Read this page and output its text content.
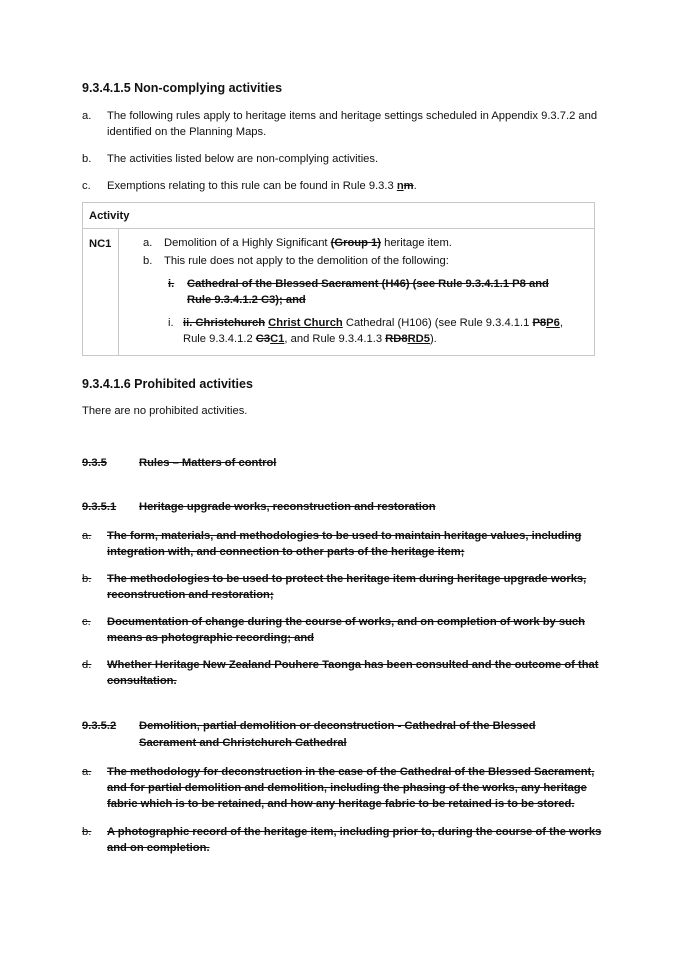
9.3.4.1.5 Non-complying activities
a.	The following rules apply to heritage items and heritage settings scheduled in Appendix 9.3.7.2 and identified on the Planning Maps.
b.	The activities listed below are non-complying activities.
c.	Exemptions relating to this rule can be found in Rule 9.3.3 nm.
Activity

NC1	a. Demolition of a Highly Significant (Group 1) heritage item.
b. This rule does not apply to the demolition of the following:
i.	Cathedral of the Blessed Sacrament (H46) (see Rule 9.3.4.1.1 P8 and Rule 9.3.4.1.2 C3); and
i. ii. Christchurch Christ Church Cathedral (H106) (see Rule 9.3.4.1.1 P8P6, Rule 9.3.4.1.2 C3C1, and Rule 9.3.4.1.3 RD8RD5).
9.3.4.1.6 Prohibited activities
There are no prohibited activities.
9.3.5	Rules – Matters of control
9.3.5.1 Heritage upgrade works, reconstruction and restoration
a.	The form, materials, and methodologies to be used to maintain heritage values, including integration with, and connection to other parts of the heritage item;
b.	The methodologies to be used to protect the heritage item during heritage upgrade works, reconstruction and restoration;
c.	Documentation of change during the course of works, and on completion of work by such means as photographic recording; and
d.	Whether Heritage New Zealand Pouhere Taonga has been consulted and the outcome of that consultation.
9.3.5.2 Demolition, partial demolition or deconstruction - Cathedral of the Blessed
Sacrament and Christchurch Cathedral
a.	The methodology for deconstruction in the case of the Cathedral of the Blessed Sacrament, and for partial demolition and demolition, including the phasing of the works, any heritage fabric which is to be retained, and how any heritage fabric to be retained is to be stored.
b.	A photographic record of the heritage item, including prior to, during the course of the works and on completion.
